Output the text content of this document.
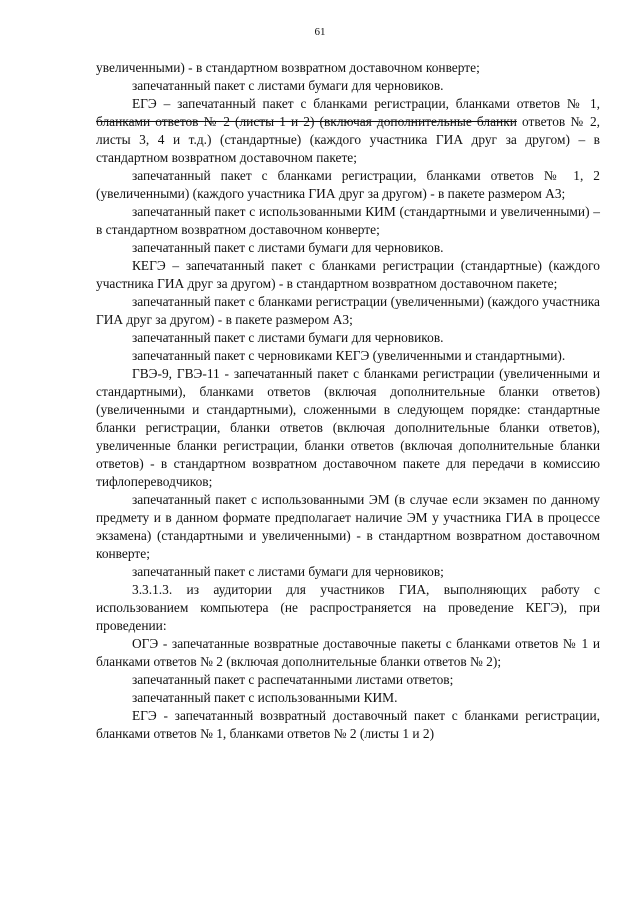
61

увеличенными) - в стандартном возвратном доставочном конверте;

запечатанный пакет с листами бумаги для черновиков.

ЕГЭ – запечатанный пакет с бланками регистрации, бланками ответов № 1, бланками ответов № 2 (листы 1 и 2) (включая дополнительные бланки ответов № 2, листы 3, 4 и т.д.) (стандартные) (каждого участника ГИА друг за другом) – в стандартном возвратном доставочном пакете;

запечатанный пакет с бланками регистрации, бланками ответов № 1, 2 (увеличенными) (каждого участника ГИА друг за другом) - в пакете размером А3;

запечатанный пакет с использованными КИМ (стандартными и увеличенными) – в стандартном возвратном доставочном конверте;

запечатанный пакет с листами бумаги для черновиков.

КЕГЭ – запечатанный пакет с бланками регистрации (стандартные) (каждого участника ГИА друг за другом) - в стандартном возвратном доставочном пакете;

запечатанный пакет с бланками регистрации (увеличенными) (каждого участника ГИА друг за другом) - в пакете размером А3;

запечатанный пакет с листами бумаги для черновиков.

запечатанный пакет с черновиками КЕГЭ (увеличенными и стандартными).

ГВЭ-9, ГВЭ-11 - запечатанный пакет с бланками регистрации (увеличенными и стандартными), бланками ответов (включая дополнительные бланки ответов) (увеличенными и стандартными), сложенными в следующем порядке: стандартные бланки регистрации, бланки ответов (включая дополнительные бланки ответов), увеличенные бланки регистрации, бланки ответов (включая дополнительные бланки ответов) - в стандартном возвратном доставочном пакете для передачи в комиссию тифлопереводчиков;

запечатанный пакет с использованными ЭМ (в случае если экзамен по данному предмету и в данном формате предполагает наличие ЭМ у участника ГИА в процессе экзамена) (стандартными и увеличенными) - в стандартном возвратном доставочном конверте;

запечатанный пакет с листами бумаги для черновиков;

3.3.1.3. из аудитории для участников ГИА, выполняющих работу с использованием компьютера (не распространяется на проведение КЕГЭ), при проведении:

ОГЭ - запечатанные возвратные доставочные пакеты с бланками ответов № 1 и бланками ответов № 2 (включая дополнительные бланки ответов № 2);

запечатанный пакет с распечатанными листами ответов;

запечатанный пакет с использованными КИМ.

ЕГЭ - запечатанный возвратный доставочный пакет с бланками регистрации, бланками ответов № 1, бланками ответов № 2 (листы 1 и 2)
